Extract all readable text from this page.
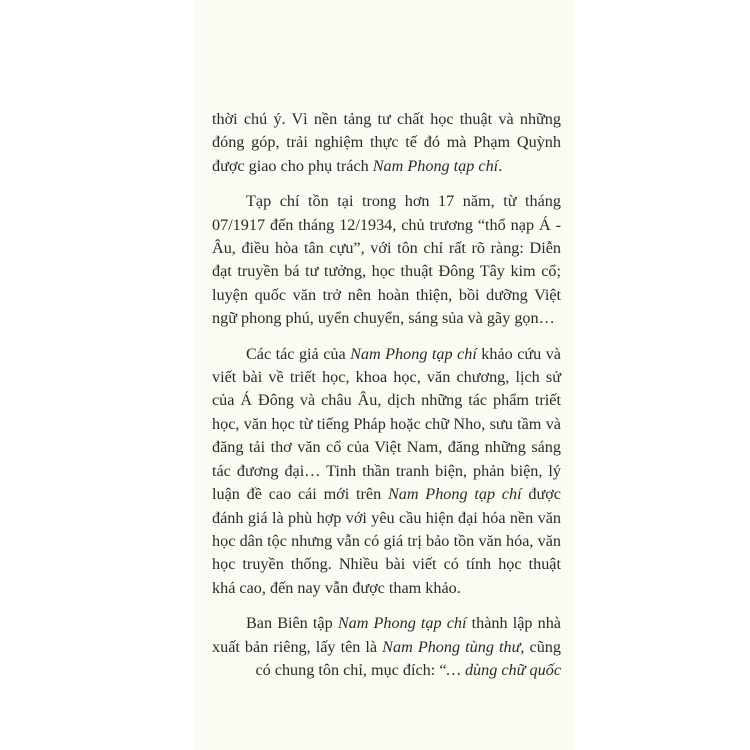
thời chú ý. Vì nền tảng tư chất học thuật và những đóng góp, trải nghiệm thực tế đó mà Phạm Quỳnh được giao cho phụ trách Nam Phong tạp chí.

Tạp chí tồn tại trong hơn 17 năm, từ tháng 07/1917 đến tháng 12/1934, chủ trương “thổ nạp Á - Âu, điều hòa tân cựu”, với tôn chỉ rất rõ ràng: Diễn đạt truyền bá tư tưởng, học thuật Đông Tây kim cổ; luyện quốc văn trở nên hoàn thiện, bồi dưỡng Việt ngữ phong phú, uyển chuyển, sáng sủa và gãy gọn…

Các tác giả của Nam Phong tạp chí khảo cứu và viết bài về triết học, khoa học, văn chương, lịch sử của Á Đông và châu Âu, dịch những tác phẩm triết học, văn học từ tiếng Pháp hoặc chữ Nho, sưu tầm và đăng tải thơ văn cổ của Việt Nam, đăng những sáng tác đương đại… Tinh thần tranh biện, phản biện, lý luận đề cao cái mới trên Nam Phong tạp chí được đánh giá là phù hợp với yêu cầu hiện đại hóa nền văn học dân tộc nhưng vẫn có giá trị bảo tồn văn hóa, văn học truyền thống. Nhiều bài viết có tính học thuật khá cao, đến nay vẫn được tham khảo.

Ban Biên tập Nam Phong tạp chí thành lập nhà xuất bản riêng, lấy tên là Nam Phong tùng thư, cũng có chung tôn chỉ, mục đích: “… dùng chữ quốc
